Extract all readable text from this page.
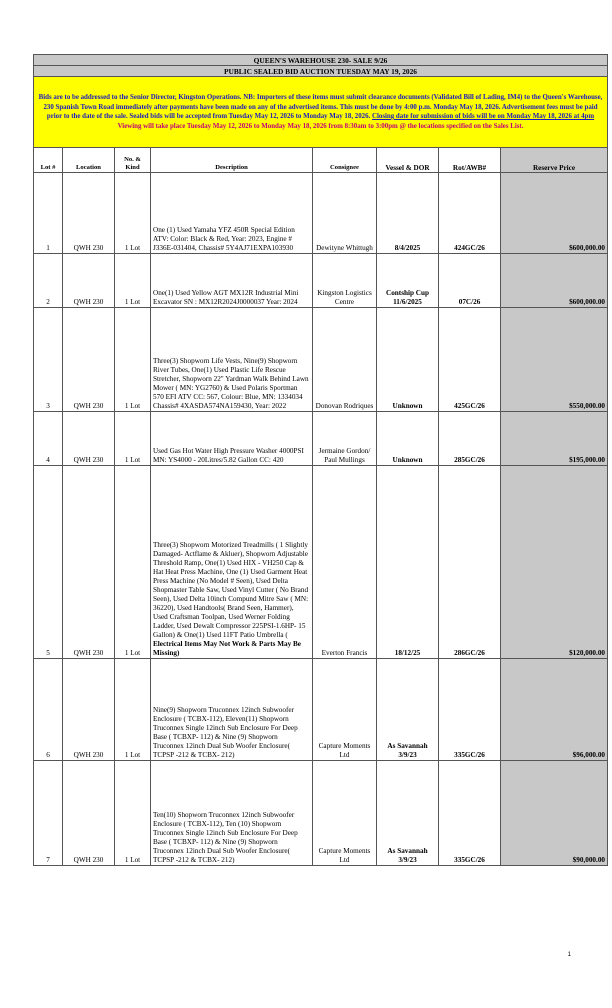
QUEEN'S WAREHOUSE 230- SALE 9/26							
PUBLIC SEALED BID AUCTION TUESDAY MAY 19, 2026							
Bids are to be addressed to the Senior Director, Kingston Operations. NB: Importers of these items must submit clearance documents (Validated Bill of Lading, IM4) to the Queen's Warehouse, 230 Spanish Town Road immediately after payments have been made on any of the advertised items. This must be done by 4:00 p.m. Monday May 18, 2026. Advertisement fees must be paid prior to the date of the sale. Sealed bids will be accepted from Tuesday May 12, 2026 to Monday May 18, 2026. Closing date for submission of bids will be on Monday May 18, 2026 at 4pm
Viewing will take place Tuesday May 12, 2026 to Monday May 18, 2026 from 8:30am to 3:00pm @ the locations specified on the Sales List.							

Lot #	Location	No. & Kind	Description	Consignee	Vessel & DOR	Rot/AWB#	Reserve Price
1	QWH 230	1 Lot	One (1) Used Yamaha YFZ 450R Special Edition ATV: Color: Black & Red, Year: 2023, Engine # J336E-031404, Chassis# 5Y4AJ71EXPA103930	Dewityne Whittugh	8/4/2025	424GC/26	$600,000.00
2	QWH 230	1 Lot	One(1) Used Yellow AGT MX12R Industrial Mini Excavator SN : MX12R2024J0000037 Year: 2024	Kingston Logistics Centre	Contship Cup 11/6/2025	07C/26	$600,000.00
3	QWH 230	1 Lot	Three(3) Shopworn Life Vests, Nine(9) Shopworn River Tubes, One(1) Used Plastic Life Rescue Stretcher, Shopworn 22" Yardman Walk Behind Lawn Mower ( MN: YG2760) & Used Polaris Sportman 570 EFI ATV CC: 567, Colour: Blue, MN: 1334034 Chassis# 4XASDA574NA159430, Year: 2022	Donovan Rodriques	Unknown	425GC/26	$550,000.00
4	QWH 230	1 Lot	Used Gas Hot Water High Pressure Washer 4000PSI MN: YS4000 - 20Litres/5.82 Gallon CC: 420	Jermaine Gordon/ Paul Mullings	Unknown	285GC/26	$195,000.00
5	QWH 230	1 Lot	Three(3) Shopworn Motorized Treadmills ( 1 Slightly Damaged- Actflame & Akluer), Shopworn Adjustable Threshold Ramp, One(1) Used HIX - VH250 Cap & Hat Heat Press Machine, One (1) Used Garment Heat Press Machine (No Model # Seen), Used Delta Shopmaster Table Saw, Used Vinyl Cutter ( No Brand Seen), Used Delta 10inch Compund Mitre Saw ( MN: 36220), Used Handtools( Brand Seen, Hammer), Used Craftsman Toolpan, Used Werner Folding Ladder, Used Dewalt Compressor 225PSI-1.6HP- 15 Gallon) & One(1) Used 11FT Patio Umbrella ( Electrical Items May Not Work & Parts May Be Missing)	Everton Francis	18/12/25	286GC/26	$120,000.00
6	QWH 230	1 Lot	Nine(9) Shopworn Truconnex 12inch Subwoofer Enclosure ( TCBX-112), Eleven(11) Shopworn Truconnex Single 12inch Sub Enclosure For Deep Base ( TCBXP- 112) & Nine (9) Shopworn Truconnex 12inch Dual Sub Woofer Enclosure( TCPSP -212 & TCBX- 212)	Capture Moments Ltd	As Savannah 3/9/23	335GC/26	$96,000.00
7	QWH 230	1 Lot	Ten(10) Shopworn Truconnex 12inch Subwoofer Enclosure ( TCBX-112), Ten (10) Shopworn Truconnex Single 12inch Sub Enclosure For Deep Base ( TCBXP- 112) & Nine (9) Shopworn Truconnex 12inch Dual Sub Woofer Enclosure( TCPSP -212 & TCBX- 212)	Capture Moments Ltd	As Savannah 3/9/23	335GC/26	$90,000.00
1
